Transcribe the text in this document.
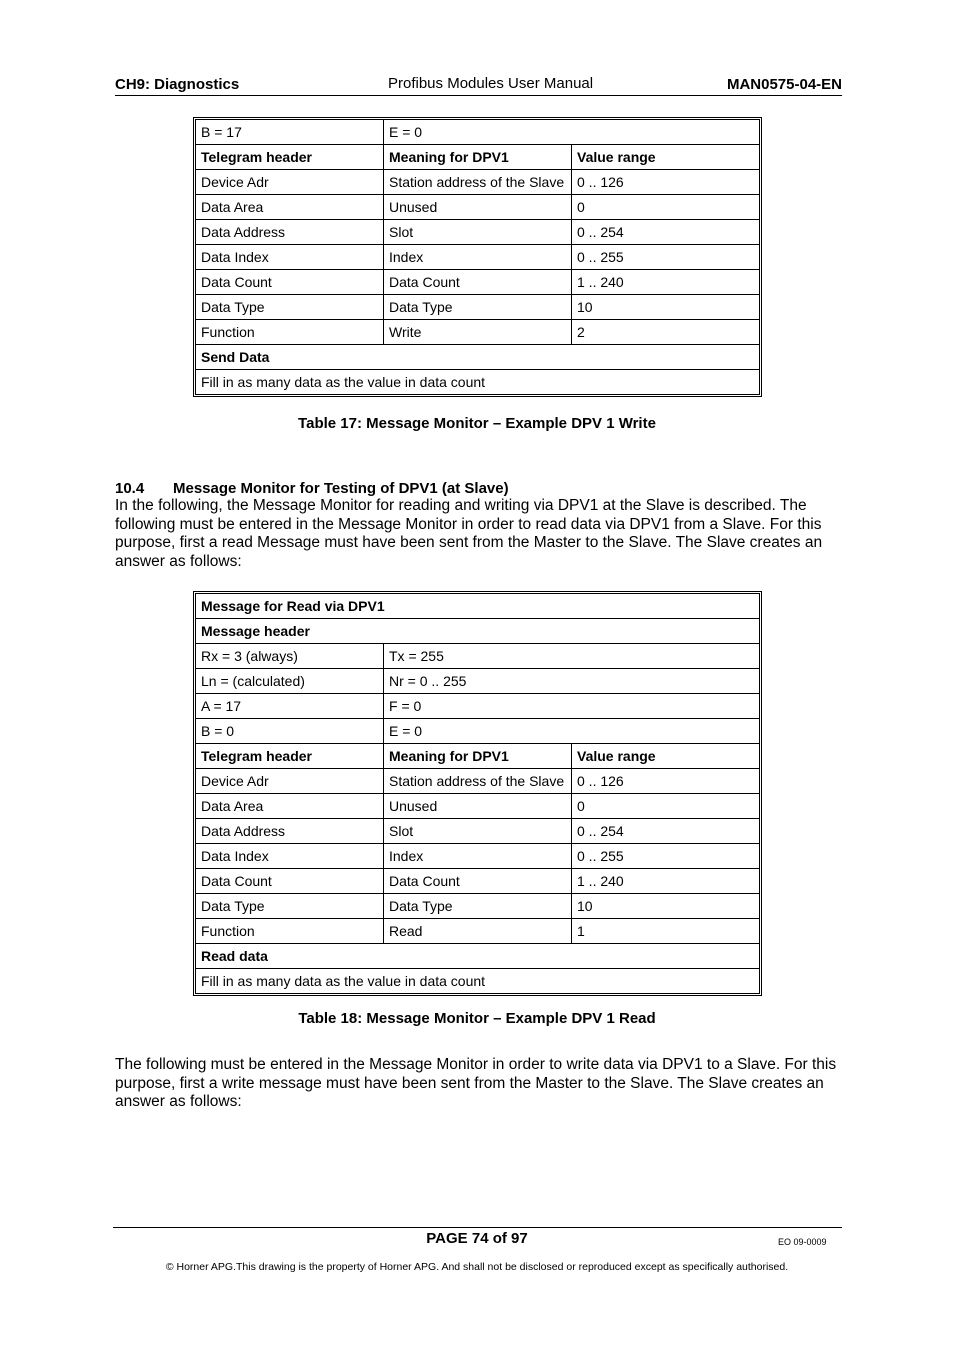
CH9: Diagnostics	Profibus Modules User Manual	MAN0575-04-EN
B = 17	E = 0	
Telegram header	Meaning for DPV1	Value range
Device Adr	Station address of the Slave	0 .. 126
Data Area	Unused	0
Data Address	Slot	0 .. 254
Data Index	Index	0 .. 255
Data Count	Data Count	1 .. 240
Data Type	Data Type	10
Function	Write	2
Send Data		
Fill in as many data as the value in data count		
Table 17: Message Monitor – Example DPV 1 Write
10.4 Message Monitor for Testing of DPV1 (at Slave)
In the following, the Message Monitor for reading and writing via DPV1 at the Slave is described. The following must be entered in the Message Monitor in order to read data via DPV1 from a Slave. For this purpose, first a read Message must have been sent from the Master to the Slave. The Slave creates an answer as follows:
Message for Read via DPV1		
Message header		
Rx = 3 (always)	Tx = 255	
Ln = (calculated)	Nr = 0 .. 255	
A = 17	F = 0	
B = 0	E = 0	
Telegram header	Meaning for DPV1	Value range
Device Adr	Station address of the Slave	0 .. 126
Data Area	Unused	0
Data Address	Slot	0 .. 254
Data Index	Index	0 .. 255
Data Count	Data Count	1 .. 240
Data Type	Data Type	10
Function	Read	1
Read data		
Fill in as many data as the value in data count		
Table 18: Message Monitor – Example DPV 1 Read
The following must be entered in the Message Monitor in order to write data via DPV1 to a Slave. For this purpose, first a write message must have been sent from the Master to the Slave. The Slave creates an answer as follows:
PAGE 74 of 97	EO 09-0009
© Horner APG.This drawing is the property of Horner APG. And shall not be disclosed or reproduced except as specifically authorised.
